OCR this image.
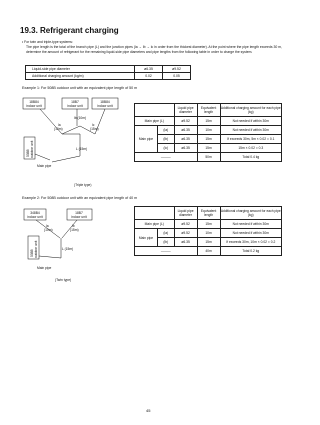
19.3. Refrigerant charging
• For twin and triple-type systems:
The pipe length is the total of the branch pipe (L) and the junction pipes (la → lb → lc in order from the thickest diameter). At the point where the pipe length exceeds 30 m, determine the amount of refrigerant for the remaining liquid-side pipe diameters and pipe lengths from the following table in order to charge the system.
Liquid-side pipe diameter	ø6.35	ø9.52
Additional charging amount (kg/m)	0.02	0.05
Example 1: For 508B outdoor unit with an equivalent pipe length of 50 m
18B84
indoor unit
18B7
indoor unit
18B84
indoor unit
lb (10m)
la
(10m)
lc
(15m)
L (15m)
508B outdoor unit
Main pipe
(Triple type)
		Liquid pipe diameter	Equivalent length	Additional charging amount for each pipe (kg)
Main pipe (L)		ø9.52	15m	Not needed if within 30m
Main pipe	(la)	ø6.35	10m	Not needed if within 30m
	(lb)	ø6.35	15m	If exceeds 30m, 5m × 0.02 = 0.1
	(lc)	ø6.35	15m	15m × 0.02 = 0.3
———			50m	Total 0.4 kg
Example 2: For 508B outdoor unit with an equivalent pipe length of 40 m
348B4
indoor unit
18B7
indoor unit
la
(10m)
lb
(15m)
L (15m)
508B outdoor unit
Main pipe
(Twin type)
		Liquid pipe diameter	Equivalent length	Additional charging amount for each pipe (kg)
Main pipe (L)		ø9.52	15m	Not needed if within 30m
Main pipe	(la)	ø9.52	10m	Not needed if within 30m
	(lb)	ø6.35	15m	If exceeds 30m, 10m × 0.02 = 0.2
———			40m	Total 0.2 kg
45
